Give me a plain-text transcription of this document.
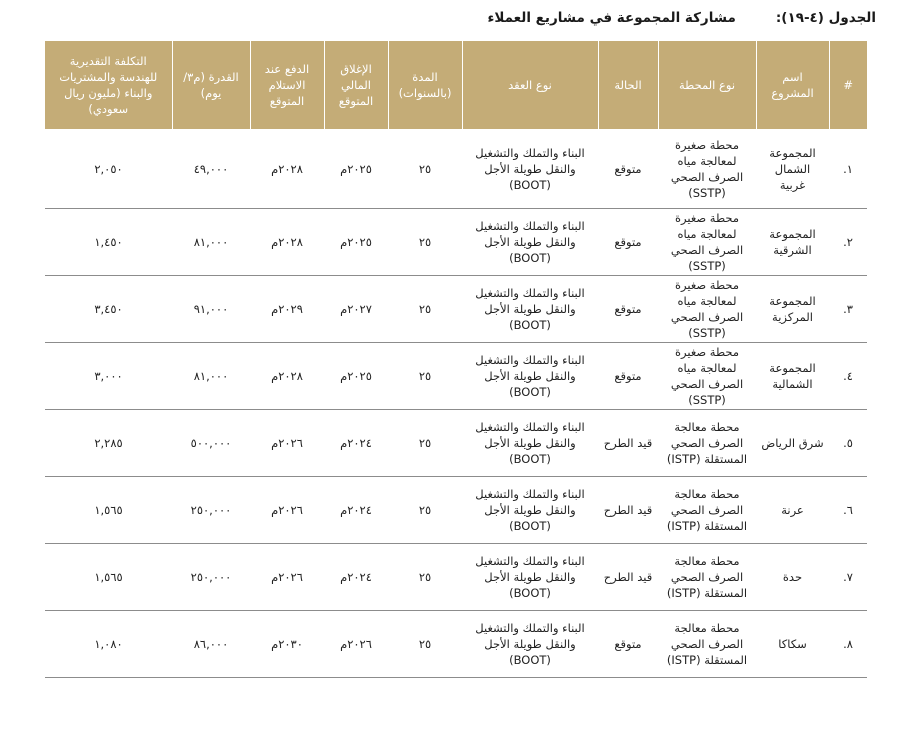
الجدول (٤-١٩):مشاركة المجموعة في مشاريع العملاء
#	اسم المشروع	نوع المحطة	الحالة	نوع العقد	المدة (بالسنوات)	الإغلاق المالي المتوقع	الدفع عند الاستلام المتوقع	القدرة (م٣/يوم)	التكلفة التقديرية للهندسة والمشتريات والبناء (مليون ريال سعودي)
١.	المجموعة الشمال غربية	محطة صغيرة لمعالجة مياه الصرف الصحي (SSTP)	متوقع	البناء والتملك والتشغيل والنقل طويلة الأجل (BOOT)	٢٥	٢٠٢٥م	٢٠٢٨م	٤٩,٠٠٠	٢,٠٥٠
٢.	المجموعة الشرقية	محطة صغيرة لمعالجة مياه الصرف الصحي (SSTP)	متوقع	البناء والتملك والتشغيل والنقل طويلة الأجل (BOOT)	٢٥	٢٠٢٥م	٢٠٢٨م	٨١,٠٠٠	١,٤٥٠
٣.	المجموعة المركزية	محطة صغيرة لمعالجة مياه الصرف الصحي (SSTP)	متوقع	البناء والتملك والتشغيل والنقل طويلة الأجل (BOOT)	٢٥	٢٠٢٧م	٢٠٢٩م	٩١,٠٠٠	٣,٤٥٠
٤.	المجموعة الشمالية	محطة صغيرة لمعالجة مياه الصرف الصحي (SSTP)	متوقع	البناء والتملك والتشغيل والنقل طويلة الأجل (BOOT)	٢٥	٢٠٢٥م	٢٠٢٨م	٨١,٠٠٠	٣,٠٠٠
٥.	شرق الرياض	محطة معالجة الصرف الصحي المستقلة (ISTP)	قيد الطرح	البناء والتملك والتشغيل والنقل طويلة الأجل (BOOT)	٢٥	٢٠٢٤م	٢٠٢٦م	٥٠٠,٠٠٠	٢,٢٨٥
٦.	عرنة	محطة معالجة الصرف الصحي المستقلة (ISTP)	قيد الطرح	البناء والتملك والتشغيل والنقل طويلة الأجل (BOOT)	٢٥	٢٠٢٤م	٢٠٢٦م	٢٥٠,٠٠٠	١,٥٦٥
٧.	حدة	محطة معالجة الصرف الصحي المستقلة (ISTP)	قيد الطرح	البناء والتملك والتشغيل والنقل طويلة الأجل (BOOT)	٢٥	٢٠٢٤م	٢٠٢٦م	٢٥٠,٠٠٠	١,٥٦٥
٨.	سكاكا	محطة معالجة الصرف الصحي المستقلة (ISTP)	متوقع	البناء والتملك والتشغيل والنقل طويلة الأجل (BOOT)	٢٥	٢٠٢٦م	٢٠٣٠م	٨٦,٠٠٠	١,٠٨٠
